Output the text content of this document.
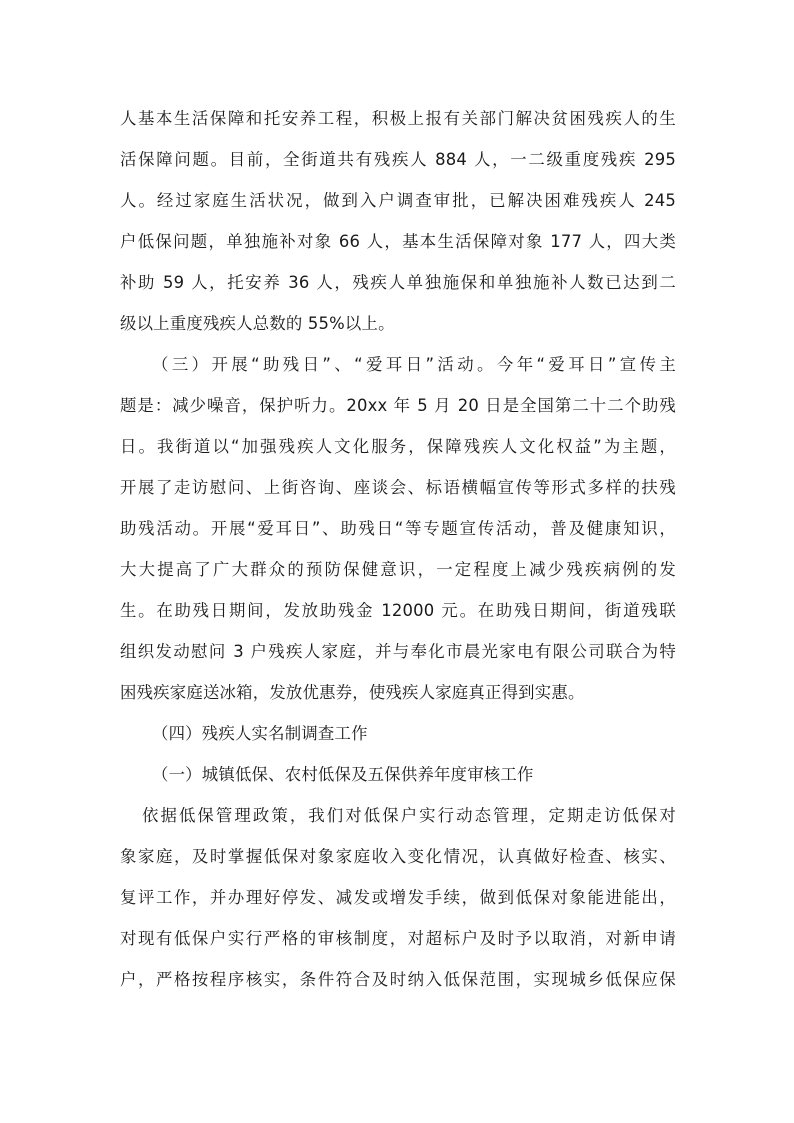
人基本生活保障和托安养工程，积极上报有关部门解决贫困残疾人的生
活保障问题。目前，全街道共有残疾人 884 人，一二级重度残疾 295
人。经过家庭生活状况，做到入户调查审批，已解决困难残疾人 245
户低保问题，单独施补对象 66 人，基本生活保障对象 177 人，四大类
补助 59 人，托安养 36 人，残疾人单独施保和单独施补人数已达到二
级以上重度残疾人总数的 55%以上。
（三）开展“助残日”、“爱耳日”活动。今年“爱耳日”宣传主
题是：减少噪音，保护听力。20xx 年 5 月 20 日是全国第二十二个助残
日。我街道以“加强残疾人文化服务，保障残疾人文化权益”为主题，
开展了走访慰问、上街咨询、座谈会、标语横幅宣传等形式多样的扶残
助残活动。开展“爱耳日”、助残日“等专题宣传活动，普及健康知识，
大大提高了广大群众的预防保健意识，一定程度上减少残疾病例的发
生。在助残日期间，发放助残金 12000 元。在助残日期间，街道残联
组织发动慰问 3 户残疾人家庭，并与奉化市晨光家电有限公司联合为特
困残疾家庭送冰箱，发放优惠券，使残疾人家庭真正得到实惠。
（四）残疾人实名制调查工作
（一）城镇低保、农村低保及五保供养年度审核工作
依据低保管理政策，我们对低保户实行动态管理，定期走访低保对
象家庭，及时掌握低保对象家庭收入变化情况，认真做好检查、核实、
复评工作，并办理好停发、减发或增发手续，做到低保对象能进能出，
对现有低保户实行严格的审核制度，对超标户及时予以取消，对新申请
户，严格按程序核实，条件符合及时纳入低保范围，实现城乡低保应保
